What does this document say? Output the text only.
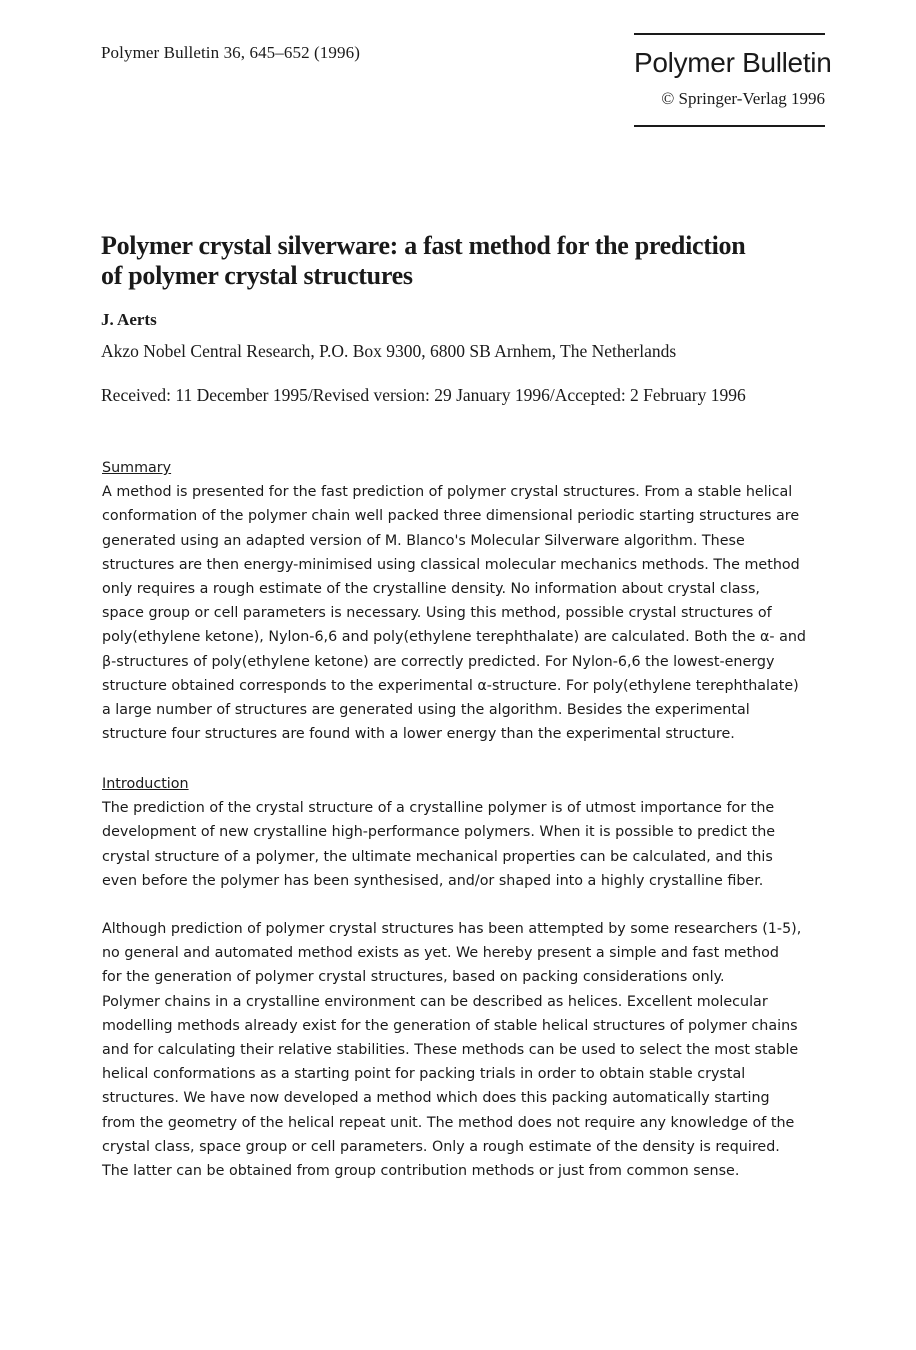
Polymer Bulletin 36, 645–652 (1996)	Polymer Bulletin
© Springer-Verlag 1996
Polymer crystal silverware: a fast method for the prediction
of polymer crystal structures
J. Aerts
Akzo Nobel Central Research, P.O. Box 9300, 6800 SB Arnhem, The Netherlands
Received: 11 December 1995/Revised version: 29 January 1996/Accepted: 2 February 1996
Summary
A method is presented for the fast prediction of polymer crystal structures. From a stable helical
conformation of the polymer chain well packed three dimensional periodic starting structures are
generated using an adapted version of M. Blanco's Molecular Silverware algorithm. These
structures are then energy-minimised using classical molecular mechanics methods. The method
only requires a rough estimate of the crystalline density. No information about crystal class,
space group or cell parameters is necessary. Using this method, possible crystal structures of
poly(ethylene ketone), Nylon-6,6 and poly(ethylene terephthalate) are calculated. Both the α- and
β-structures of poly(ethylene ketone) are correctly predicted. For Nylon-6,6 the lowest-energy
structure obtained corresponds to the experimental α-structure. For poly(ethylene terephthalate)
a large number of structures are generated using the algorithm. Besides the experimental
structure four structures are found with a lower energy than the experimental structure.
Introduction
The prediction of the crystal structure of a crystalline polymer is of utmost importance for the
development of new crystalline high-performance polymers. When it is possible to predict the
crystal structure of a polymer, the ultimate mechanical properties can be calculated, and this
even before the polymer has been synthesised, and/or shaped into a highly crystalline fiber.
Although prediction of polymer crystal structures has been attempted by some researchers (1-5),
no general and automated method exists as yet. We hereby present a simple and fast method
for the generation of polymer crystal structures, based on packing considerations only.
Polymer chains in a crystalline environment can be described as helices. Excellent molecular
modelling methods already exist for the generation of stable helical structures of polymer chains
and for calculating their relative stabilities. These methods can be used to select the most stable
helical conformations as a starting point for packing trials in order to obtain stable crystal
structures. We have now developed a method which does this packing automatically starting
from the geometry of the helical repeat unit. The method does not require any knowledge of the
crystal class, space group or cell parameters. Only a rough estimate of the density is required.
The latter can be obtained from group contribution methods or just from common sense.
